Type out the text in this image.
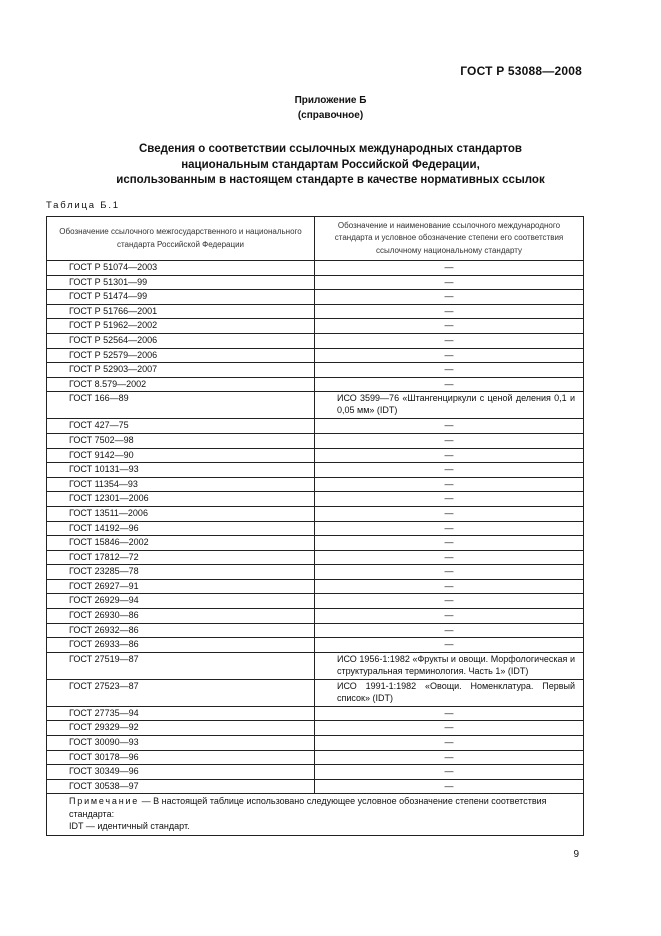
ГОСТ Р 53088—2008
Приложение Б
(справочное)
Сведения о соответствии ссылочных международных стандартов
национальным стандартам Российской Федерации,
использованным в настоящем стандарте в качестве нормативных ссылок
Таблица Б.1
Обозначение ссылочного межгосударственного и национального стандарта Российской Федерации	Обозначение и наименование ссылочного международного стандарта и условное обозначение степени его соответствия ссылочному национальному стандарту
ГОСТ Р 51074—2003	—
ГОСТ Р 51301—99	—
ГОСТ Р 51474—99	—
ГОСТ Р 51766—2001	—
ГОСТ Р 51962—2002	—
ГОСТ Р 52564—2006	—
ГОСТ Р 52579—2006	—
ГОСТ Р 52903—2007	—
ГОСТ 8.579—2002	—
ГОСТ 166—89	ИСО 3599—76 «Штангенциркули с ценой деления 0,1 и 0,05 мм» (IDT)
ГОСТ 427—75	—
ГОСТ 7502—98	—
ГОСТ 9142—90	—
ГОСТ 10131—93	—
ГОСТ 11354—93	—
ГОСТ 12301—2006	—
ГОСТ 13511—2006	—
ГОСТ 14192—96	—
ГОСТ 15846—2002	—
ГОСТ 17812—72	—
ГОСТ 23285—78	—
ГОСТ 26927—91	—
ГОСТ 26929—94	—
ГОСТ 26930—86	—
ГОСТ 26932—86	—
ГОСТ 26933—86	—
ГОСТ 27519—87	ИСО 1956-1:1982 «Фрукты и овощи. Морфологическая и структуральная терминология. Часть 1» (IDT)
ГОСТ 27523—87	ИСО 1991-1:1982 «Овощи. Номенклатура. Первый список» (IDT)
ГОСТ 27735—94	—
ГОСТ 29329—92	—
ГОСТ 30090—93	—
ГОСТ 30178—96	—
ГОСТ 30349—96	—
ГОСТ 30538—97	—
Примечание — В настоящей таблице использовано следующее условное обозначение степени соответствия стандарта:
IDT — идентичный стандарт.	
9
